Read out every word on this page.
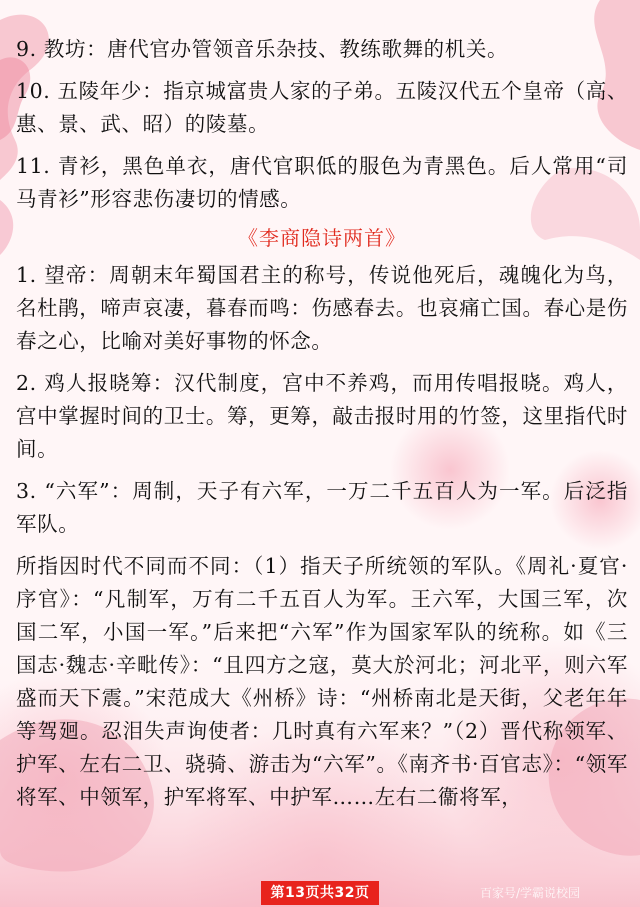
9. 教坊：唐代官办管领音乐杂技、教练歌舞的机关。

10. 五陵年少：指京城富贵人家的子弟。五陵汉代五个皇帝（高、惠、景、武、昭）的陵墓。

11. 青衫，黑色单衣，唐代官职低的服色为青黑色。后人常用“司马青衫”形容悲伤凄切的情感。

《李商隐诗两首》

1. 望帝：周朝末年蜀国君主的称号，传说他死后，魂魄化为鸟，名杜鹃，啼声哀凄，暮春而鸣：伤感春去。也哀痛亡国。春心是伤春之心，比喻对美好事物的怀念。

2. 鸡人报晓筹：汉代制度，宫中不养鸡，而用传唱报晓。鸡人，宫中掌握时间的卫士。筹，更筹，敲击报时用的竹签，这里指代时间。

3. “六军”：周制，天子有六军，一万二千五百人为一军。后泛指军队。

所指因时代不同而不同：（1）指天子所统领的军队。《周礼·夏官·序官》：“凡制军，万有二千五百人为军。王六军，大国三军，次国二军，小国一军。”后来把“六军”作为国家军队的统称。如《三国志·魏志·辛毗传》：“且四方之寇，莫大於河北；河北平，则六军盛而天下震。”宋范成大《州桥》诗：“州桥南北是天街，父老年年等驾廻。忍泪失声询使者：几时真有六军来？”（2）晋代称领军、护军、左右二卫、骁骑、游击为“六军”。《南齐书·百官志》：“领军将军、中领军，护军将军、中护军……左右二衞将军，

第13页共32页	百家号/学霸说校园
